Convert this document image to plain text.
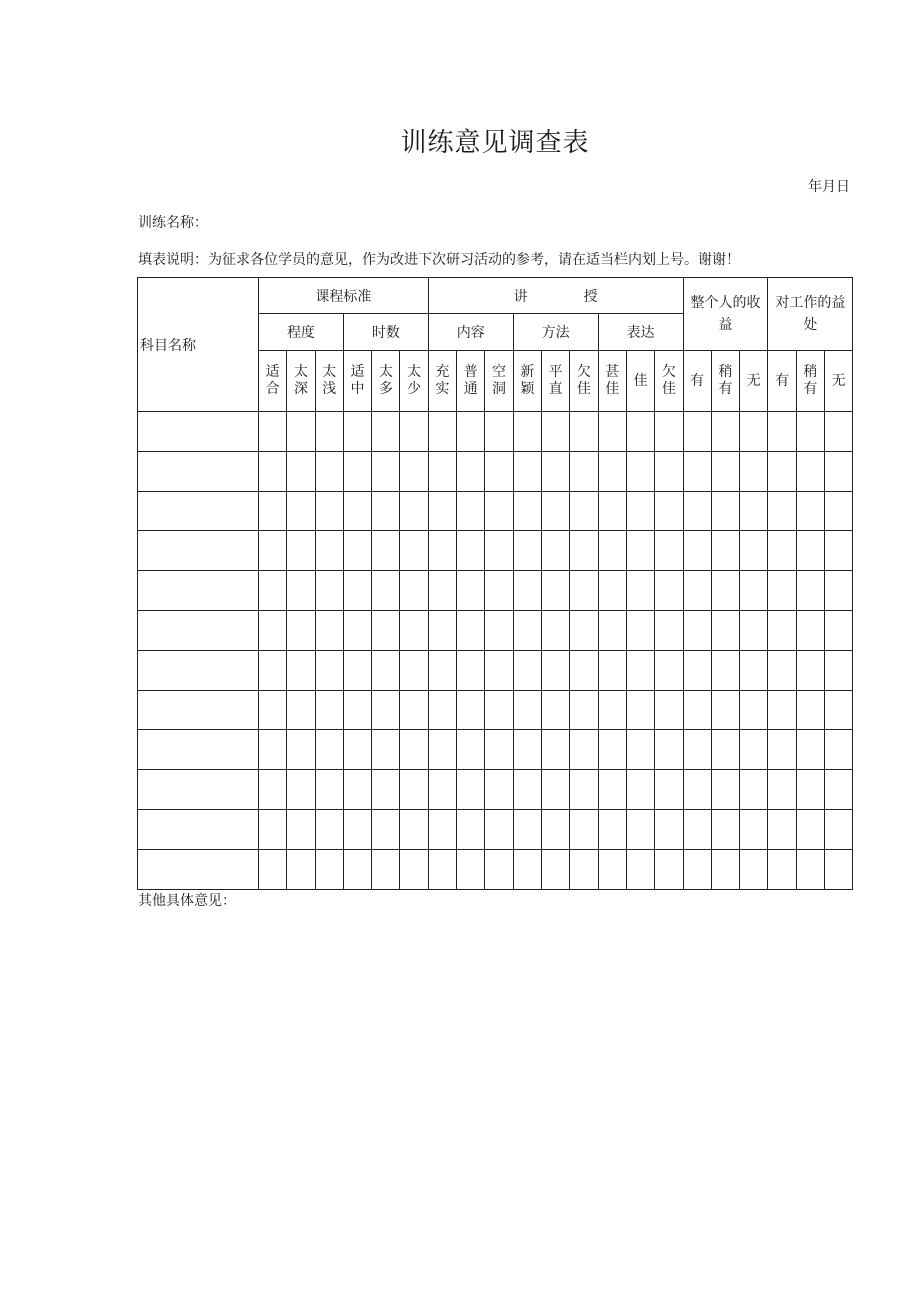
训练意见调查表
年月日
训练名称：
填表说明：为征求各位学员的意见，作为改进下次研习活动的参考，请在适当栏内划上号。谢谢！
科目名称	课程标准						讲　　　　授									整个人的收益			对工作的益处		
	程度			时数			内容			方法			表达								
	适合	太深	太浅	适中	太多	太少	充实	普通	空洞	新颖	平直	欠佳	甚佳	佳	欠佳	有	稍有	无	有	稍有	无

其他具体意见：
